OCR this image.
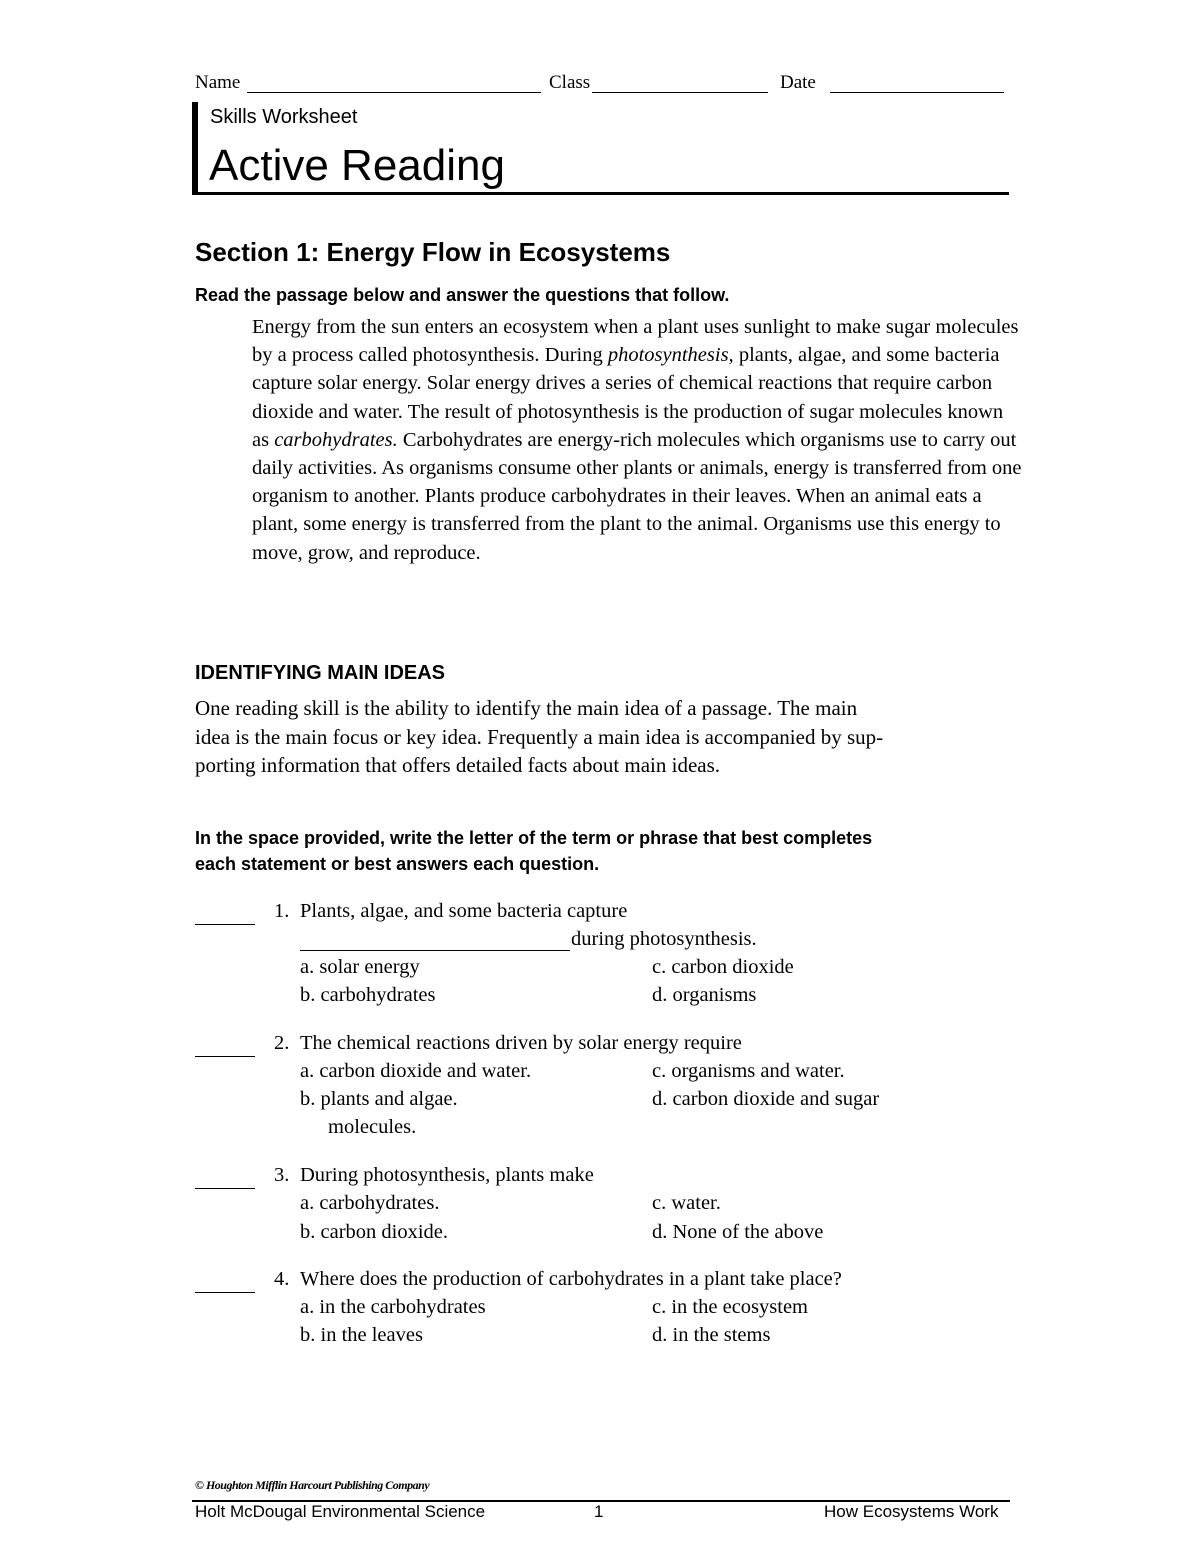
Name	Class	Date
Skills Worksheet
Active Reading
Section 1: Energy Flow in Ecosystems
Read the passage below and answer the questions that follow.

Energy from the sun enters an ecosystem when a plant uses sunlight to make sugar molecules by a process called photosynthesis. During photosynthesis, plants, algae, and some bacteria capture solar energy. Solar energy drives a series of chemical reactions that require carbon dioxide and water. The result of photosynthesis is the production of sugar molecules known as carbohydrates. Carbohydrates are energy-rich molecules which organisms use to carry out daily activities. As organisms consume other plants or animals, energy is transferred from one organism to another. Plants produce carbohydrates in their leaves. When an animal eats a plant, some energy is transferred from the plant to the animal. Organisms use this energy to move, grow, and reproduce.

IDENTIFYING MAIN IDEAS
One reading skill is the ability to identify the main idea of a passage. The main
idea is the main focus or key idea. Frequently a main idea is accompanied by sup-
porting information that offers detailed facts about main ideas.
In the space provided, write the letter of the term or phrase that best completes
each statement or best answers each question.
1. Plants, algae, and some bacteria capture
during photosynthesis.
a. solar energy	c. carbon dioxide
b. carbohydrates	d. organisms
2. The chemical reactions driven by solar energy require
a. carbon dioxide and water.	c. organisms and water.
b. plants and algae.	d. carbon dioxide and sugar
molecules.
3. During photosynthesis, plants make
a. carbohydrates.	c. water.
b. carbon dioxide.	d. None of the above
4. Where does the production of carbohydrates in a plant take place?
a. in the carbohydrates	c. in the ecosystem
b. in the leaves	d. in the stems
© Houghton Mifflin Harcourt Publishing Company
Holt McDougal Environmental Science	1	How Ecosystems Work
